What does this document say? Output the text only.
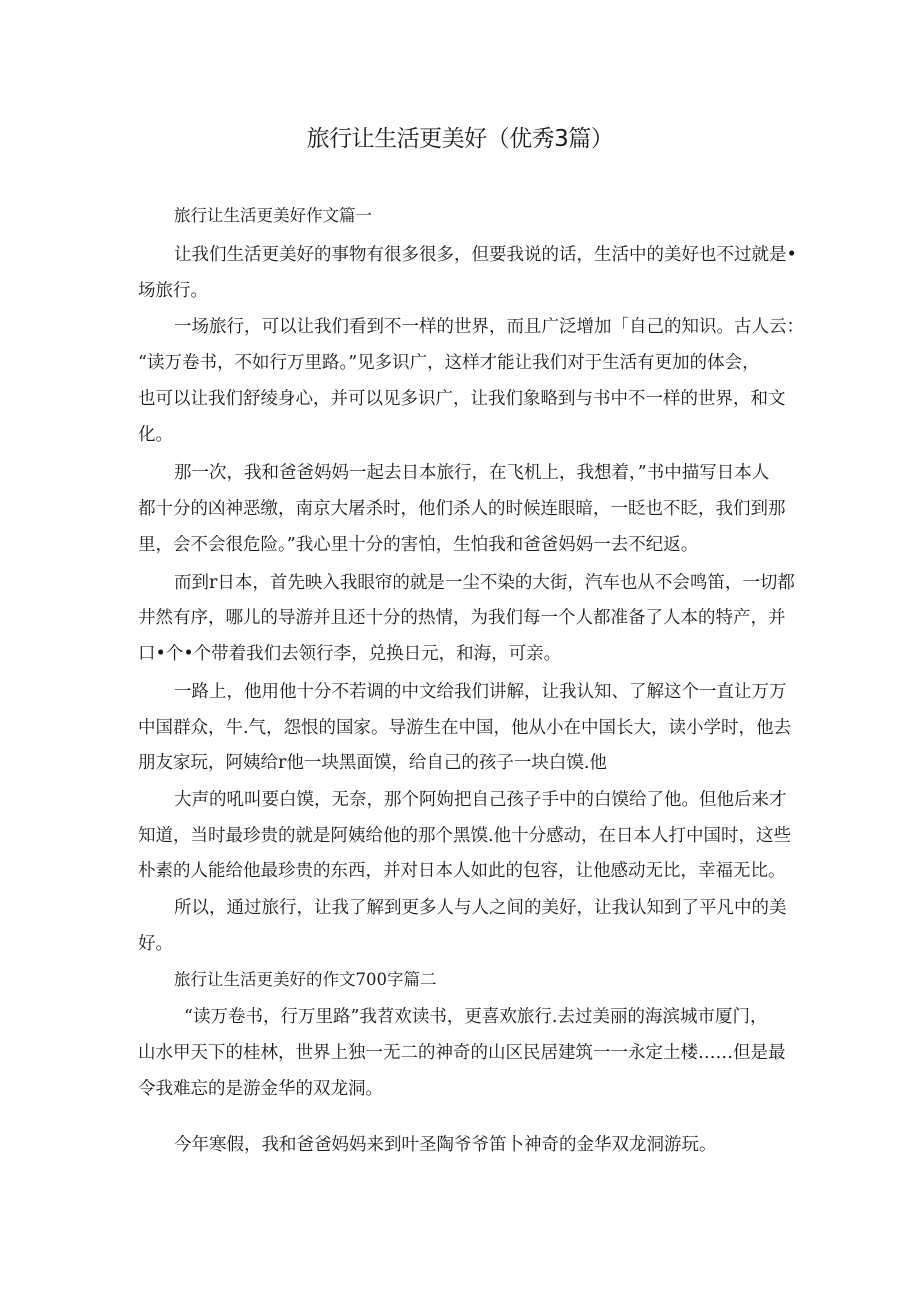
旅行让生活更美好（优秀3篇）
旅行让生活更美好作文篇一
让我们生活更美好的事物有很多很多，但要我说的话，生活中的美好也不过就是•
场旅行。
一场旅行，可以让我们看到不一样的世界，而且广泛增加「自己的知识。古人云：
“读万卷书，不如行万里路。”见多识广，这样才能让我们对于生活有更加的体会，
也可以让我们舒绫身心，并可以见多识广，让我们象略到与书中不一样的世界，和文
化。
那一次，我和爸爸妈妈一起去日本旅行，在飞机上，我想着，”书中描写日本人
都十分的凶神恶缴，南京大屠杀时，他们杀人的时候连眼暗，一眨也不眨，我们到那
里，会不会很危险。”我心里十分的害怕，生怕我和爸爸妈妈一去不纪返。
而到r日本，首先映入我眼帘的就是一尘不染的大街，汽车也从不会鸣笛，一切都
井然有序，哪儿的导游并且还十分的热情，为我们每一个人都准备了人本的特产，并
口•个•个带着我们去领行李，兑换日元，和海，可亲。
一路上，他用他十分不若调的中文给我们讲解，让我认知、了解这个一直让万万
中国群众，牛.气，怨恨的国家。导游生在中国，他从小在中国长大，读小学时，他去
朋友家玩，阿姨给r他一块黑面馍，给自己的孩子一块白馍.他
大声的吼叫要白馍，无奈，那个阿姁把自己孩子手中的白馍给了他。但他后来才
知道，当时最珍贵的就是阿姨给他的那个黑馍.他十分感动，在日本人打中国时，这些
朴素的人能给他最珍贵的东西，并对日本人如此的包容，让他感动无比，幸福无比。
所以，通过旅行，让我了解到更多人与人之间的美好，让我认知到了平凡中的美
好。
旅行让生活更美好的作文700字篇二
“读万卷书，行万里路”我苕欢读书，更喜欢旅行.去过美丽的海滨城市厦门，
山水甲天下的桂林，世界上独一无二的神奇的山区民居建筑一一永定土楼……但是最
令我难忘的是游金华的双龙洞。
今年寒假，我和爸爸妈妈来到叶圣陶爷爷笛卜神奇的金华双龙洞游玩。
